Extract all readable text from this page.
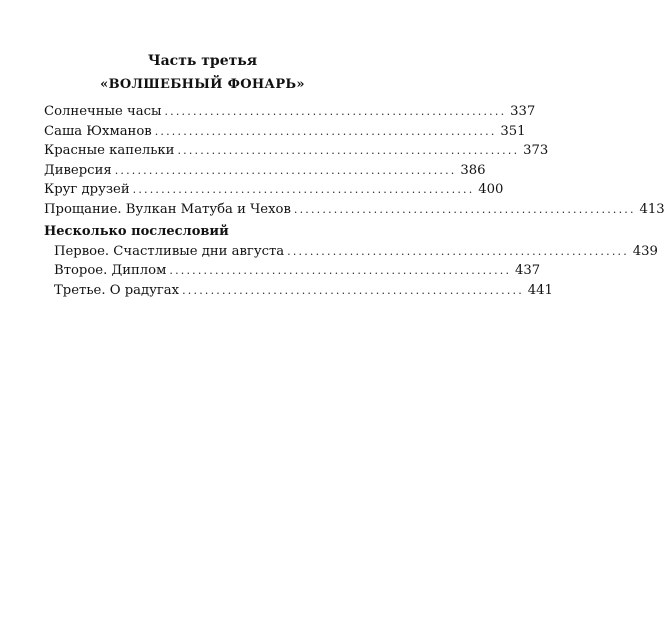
Часть третья
«ВОЛШЕБНЫЙ ФОНАРЬ»
Солнечные часы ............................................................ 337
Саша Юхманов ............................................................ 351
Красные капельки ............................................................ 373
Диверсия ............................................................ 386
Круг друзей ............................................................ 400
Прощание. Вулкан Матуба и Чехов ............................................................ 413
Несколько послесловий
Первое. Счастливые дни августа ............................................................ 439
Второе. Диплом ............................................................ 437
Третье. О радугах ............................................................ 441
